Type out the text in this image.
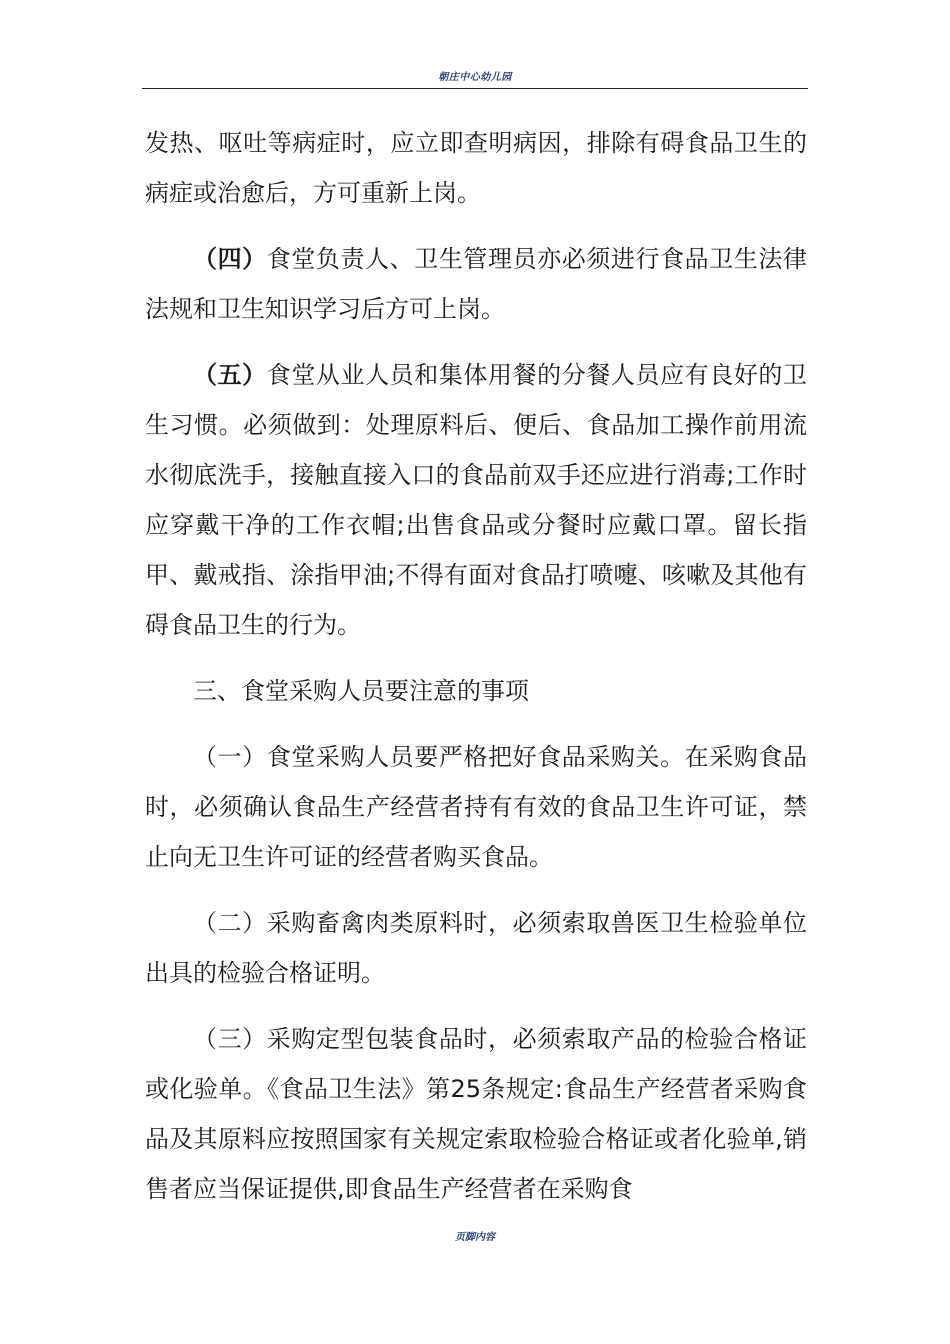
朝庄中心幼儿园

发热、呕吐等病症时，应立即查明病因，排除有碍食品卫生的病症或治愈后，方可重新上岗。

（四）食堂负责人、卫生管理员亦必须进行食品卫生法律法规和卫生知识学习后方可上岗。

（五）食堂从业人员和集体用餐的分餐人员应有良好的卫生习惯。必须做到：处理原料后、便后、食品加工操作前用流水彻底洗手，接触直接入口的食品前双手还应进行消毒;工作时应穿戴干净的工作衣帽;出售食品或分餐时应戴口罩。留长指甲、戴戒指、涂指甲油;不得有面对食品打喷嚏、咳嗽及其他有碍食品卫生的行为。

三、食堂采购人员要注意的事项

（一）食堂采购人员要严格把好食品采购关。在采购食品时，必须确认食品生产经营者持有有效的食品卫生许可证，禁止向无卫生许可证的经营者购买食品。

（二）采购畜禽肉类原料时，必须索取兽医卫生检验单位出具的检验合格证明。

（三）采购定型包装食品时，必须索取产品的检验合格证或化验单。《食品卫生法》第25条规定:食品生产经营者采购食品及其原料应按照国家有关规定索取检验合格证或者化验单,销售者应当保证提供,即食品生产经营者在采购食

页脚内容
